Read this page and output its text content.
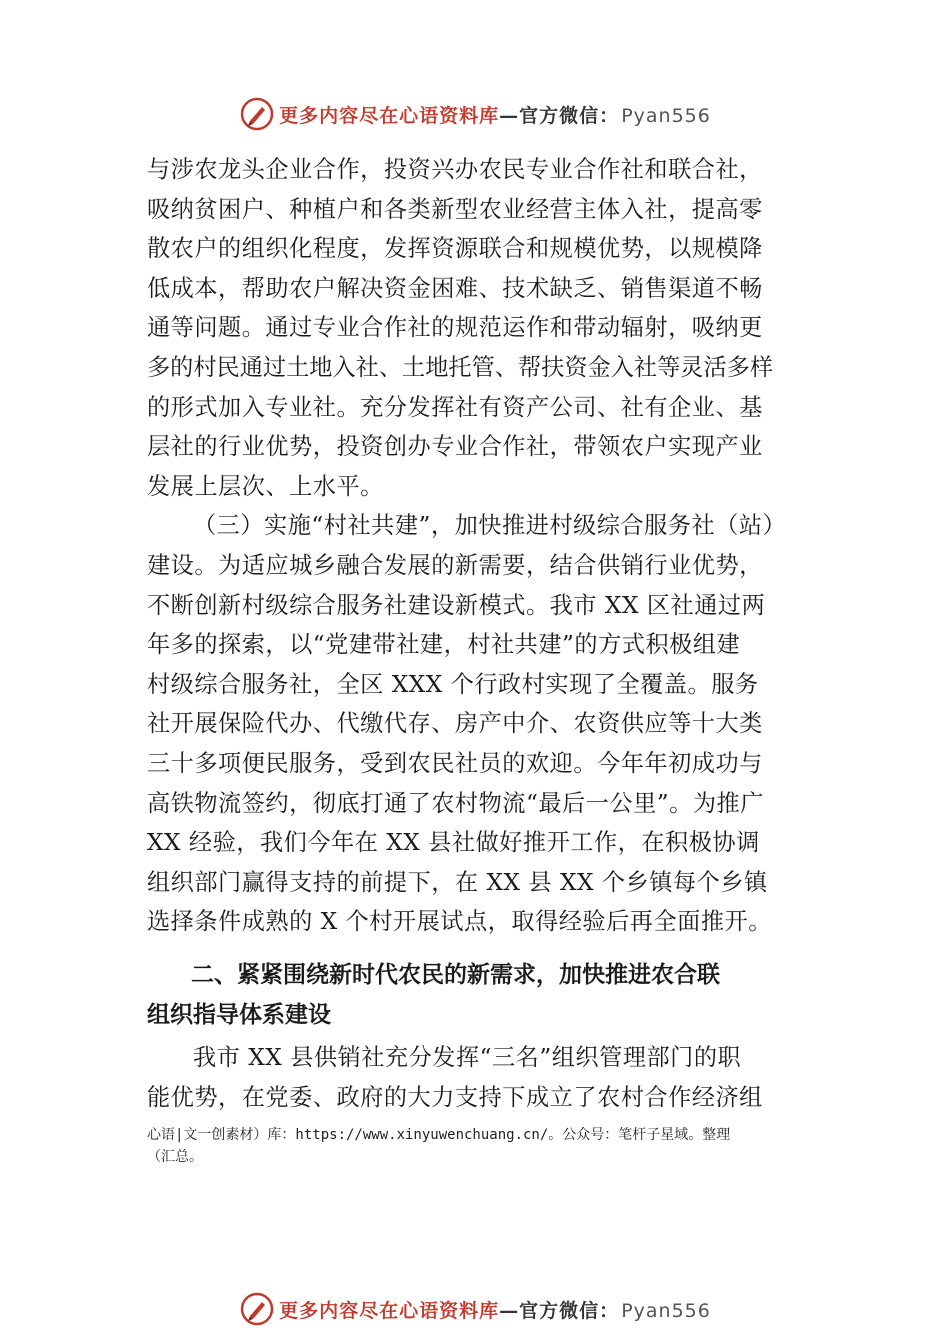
更多内容尽在心语资料库—官方微信： Pyan556
与涉农龙头企业合作，投资兴办农民专业合作社和联合社，
吸纳贫困户、种植户和各类新型农业经营主体入社，提高零
散农户的组织化程度，发挥资源联合和规模优势，以规模降
低成本，帮助农户解决资金困难、技术缺乏、销售渠道不畅
通等问题。通过专业合作社的规范运作和带动辐射，吸纳更
多的村民通过土地入社、土地托管、帮扶资金入社等灵活多样
的形式加入专业社。充分发挥社有资产公司、社有企业、基
层社的行业优势，投资创办专业合作社，带领农户实现产业
发展上层次、上水平。
（三）实施“村社共建”，加快推进村级综合服务社（站）
建设。为适应城乡融合发展的新需要，结合供销行业优势，
不断创新村级综合服务社建设新模式。我市 XX 区社通过两
年多的探索，以“党建带社建，村社共建”的方式积极组建
村级综合服务社，全区 XXX 个行政村实现了全覆盖。服务
社开展保险代办、代缴代存、房产中介、农资供应等十大类
三十多项便民服务，受到农民社员的欢迎。今年年初成功与
高铁物流签约，彻底打通了农村物流“最后一公里”。为推广
XX 经验，我们今年在 XX 县社做好推开工作，在积极协调
组织部门赢得支持的前提下，在 XX 县 XX 个乡镇每个乡镇
选择条件成熟的 X 个村开展试点，取得经验后再全面推开。
二、紧紧围绕新时代农民的新需求，加快推进农合联
组织指导体系建设
我市 XX 县供销社充分发挥“三名”组织管理部门的职
能优势，在党委、政府的大力支持下成立了农村合作经济组
心语|文一创素材）库：https://www.xinyuwenchuang.cn/。公众号：笔杆子星域。整理
（汇总。
更多内容尽在心语资料库—官方微信： Pyan556
